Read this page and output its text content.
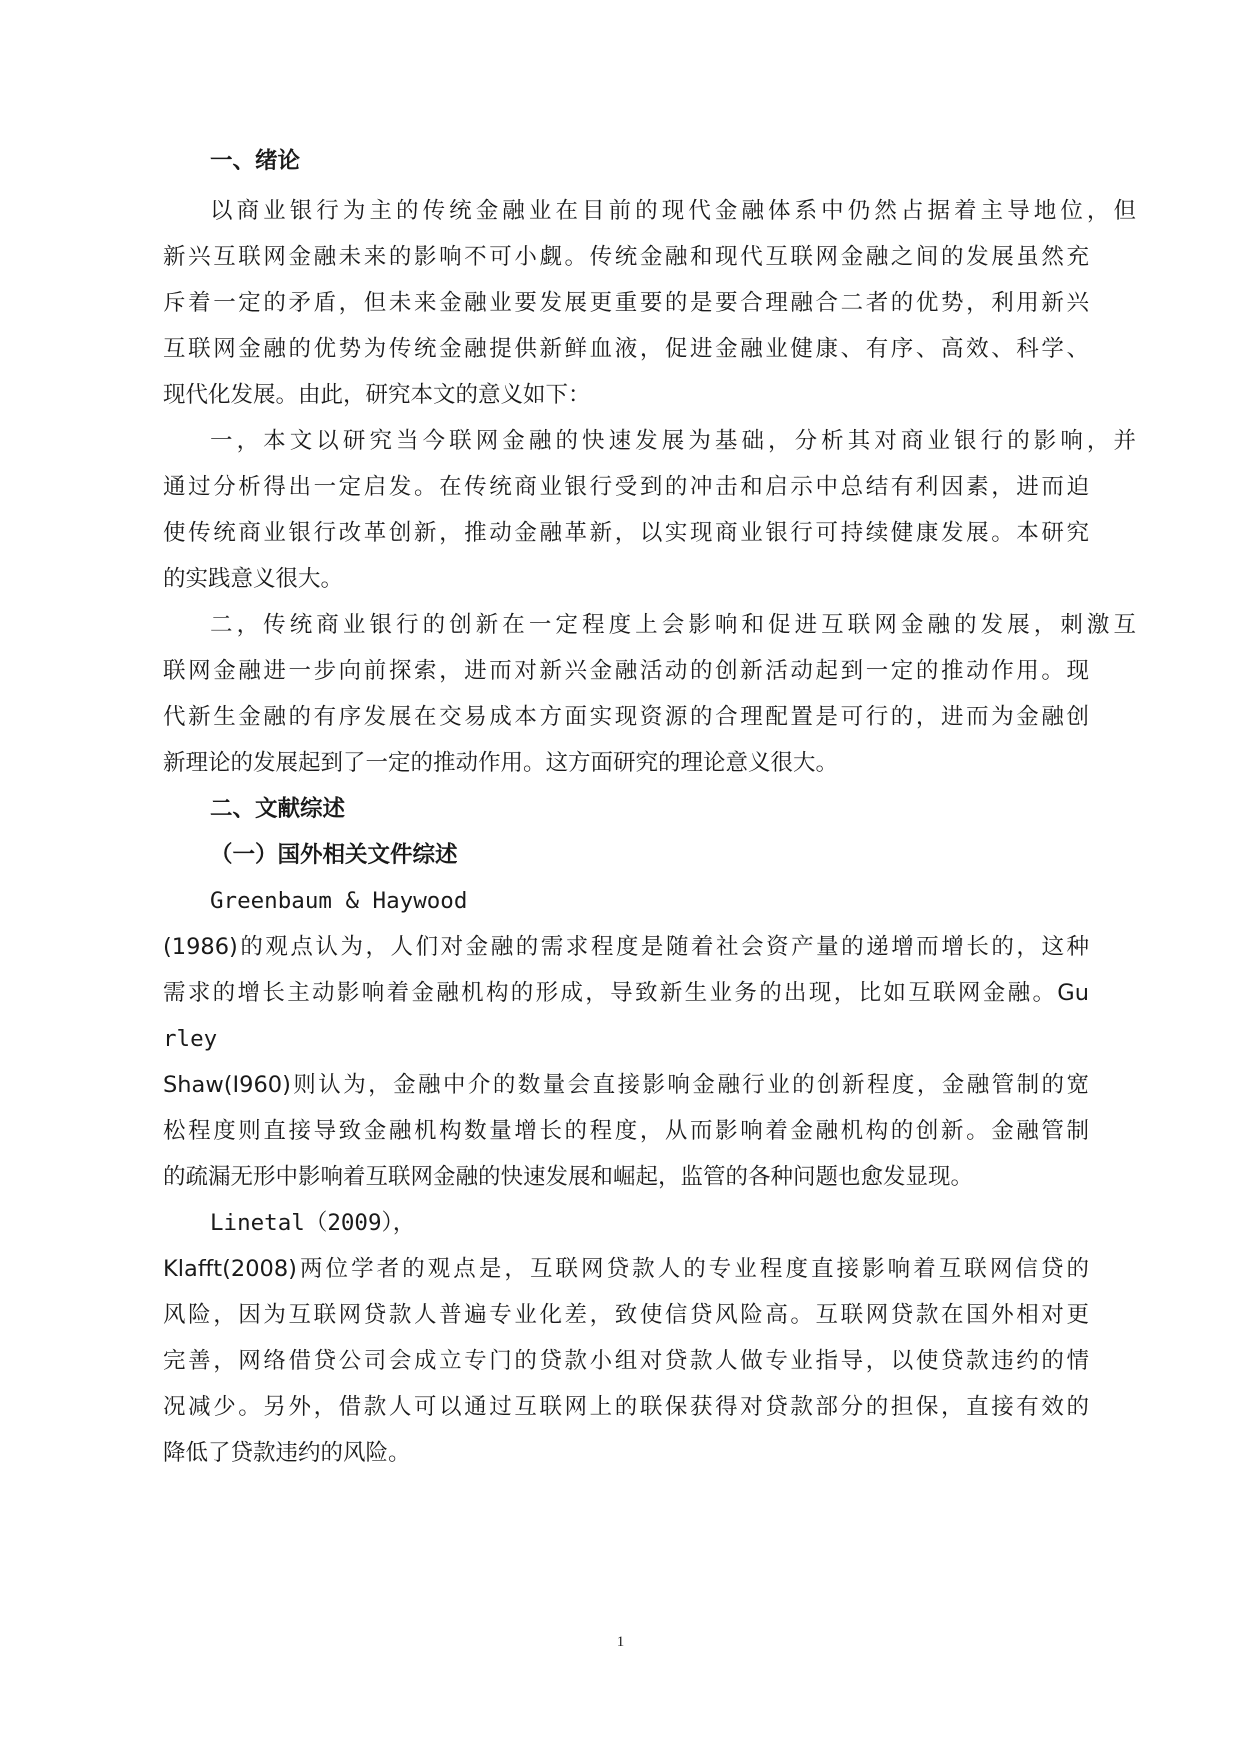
一、绪论

以商业银行为主的传统金融业在目前的现代金融体系中仍然占据着主导地位，但

新兴互联网金融未来的影响不可小觑。传统金融和现代互联网金融之间的发展虽然充

斥着一定的矛盾，但未来金融业要发展更重要的是要合理融合二者的优势，利用新兴

互联网金融的优势为传统金融提供新鲜血液，促进金融业健康、有序、高效、科学、

现代化发展。由此，研究本文的意义如下：

一，本文以研究当今联网金融的快速发展为基础，分析其对商业银行的影响，并

通过分析得出一定启发。在传统商业银行受到的冲击和启示中总结有利因素，进而迫

使传统商业银行改革创新，推动金融革新，以实现商业银行可持续健康发展。本研究

的实践意义很大。

二，传统商业银行的创新在一定程度上会影响和促进互联网金融的发展，刺激互

联网金融进一步向前探索，进而对新兴金融活动的创新活动起到一定的推动作用。现

代新生金融的有序发展在交易成本方面实现资源的合理配置是可行的，进而为金融创

新理论的发展起到了一定的推动作用。这方面研究的理论意义很大。

二、文献综述

（一）国外相关文件综述

Greenbaum & Haywood

(1986)的观点认为，人们对金融的需求程度是随着社会资产量的递增而增长的，这种

需求的增长主动影响着金融机构的形成，导致新生业务的出现，比如互联网金融。Gu

rley

Shaw(I960)则认为，金融中介的数量会直接影响金融行业的创新程度，金融管制的宽

松程度则直接导致金融机构数量增长的程度，从而影响着金融机构的创新。金融管制

的疏漏无形中影响着互联网金融的快速发展和崛起，监管的各种问题也愈发显现。

Linetal（2009），

Klafft(2008)两位学者的观点是，互联网贷款人的专业程度直接影响着互联网信贷的

风险，因为互联网贷款人普遍专业化差，致使信贷风险高。互联网贷款在国外相对更

完善，网络借贷公司会成立专门的贷款小组对贷款人做专业指导，以使贷款违约的情

况减少。另外，借款人可以通过互联网上的联保获得对贷款部分的担保，直接有效的

降低了贷款违约的风险。

1
